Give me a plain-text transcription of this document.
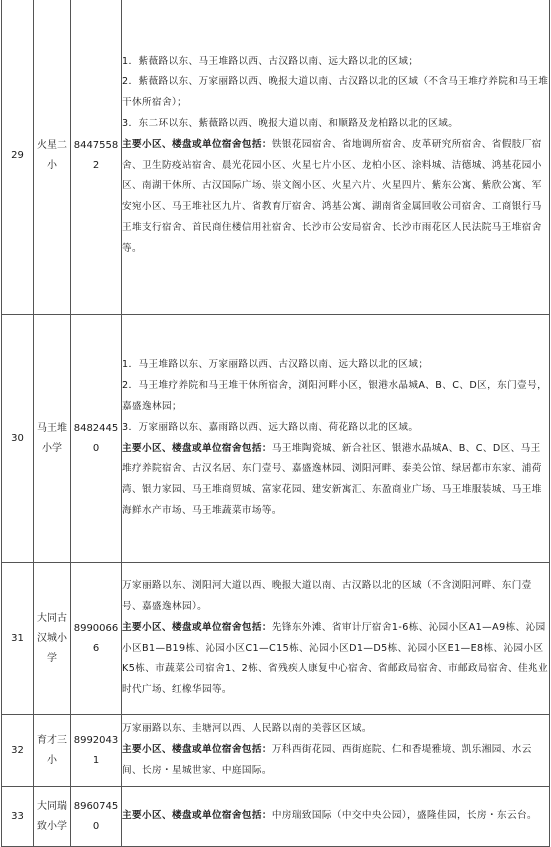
29	火星二小	84475582	1．紫薇路以东、马王堆路以西、古汉路以南、远大路以北的区域；

2．紫薇路以东、万家丽路以西、晚报大道以南、古汉路以北的区域（不含马王堆疗养院和马王堆干休所宿舍）；

3．东二环以东、紫薇路以西、晚报大道以南、和顺路及龙柏路以北的区域。

主要小区、楼盘或单位宿舍包括：铁银花园宿舍、省地调所宿舍、皮革研究所宿舍、省假肢厂宿舍、卫生防疫站宿舍、晨光花园小区、火星七片小区、龙柏小区、涂料城、洁德城、鸿基花园小区、南湖干休所、古汉国际广场、崇文阁小区、火星六片、火星四片、紫东公寓、紫欣公寓、军安宛小区、马王堆社区九片、省教育厅宿舍、鸿基公寓、湖南省金属回收公司宿舍、工商银行马王堆支行宿舍、首民商住楼信用社宿舍、长沙市公安局宿舍、长沙市雨花区人民法院马王堆宿舍等。

30	马王堆小学	84824450	1．马王堆路以东、万家丽路以西、古汉路以南、远大路以北的区域；

2．马王堆疗养院和马王堆干休所宿舍，浏阳河畔小区，银港水晶城A、B、C、D区，东门壹号，嘉盛逸林园；

3．万家丽路以东、嘉雨路以西、远大路以南、荷花路以北的区域。

主要小区、楼盘或单位宿舍包括：马王堆陶瓷城、新合社区、银港水晶城A、B、C、D区、马王堆疗养院宿舍、古汉名居、东门壹号、嘉盛逸林园、浏阳河畔、泰美公馆、绿居都市东家、浦荷湾、银力家园、马王堆商贸城、富家花园、建安新寓汇、东盈商业广场、马王堆服装城、马王堆海鲜水产市场、马王堆蔬菜市场等。

31	大同古汉城小学	89900666	万家丽路以东、浏阳河大道以西、晚报大道以南、古汉路以北的区域（不含浏阳河畔、东门壹号、嘉盛逸林园）。

主要小区、楼盘或单位宿舍包括：先锋东外滩、省审计厅宿舍1-6栋、沁园小区A1—A9栋、沁园小区B1—B19栋、沁园小区C1—C15栋、沁园小区D1—D5栋、沁园小区E1—E8栋、沁园小区K5栋、市蔬菜公司宿舍1、2栋、省残疾人康复中心宿舍、省邮政局宿舍、市邮政局宿舍、佳兆业时代广场、红橡华园等。

32	育才三小	89920431	万家丽路以东、圭塘河以西、人民路以南的美蓉区区域。

主要小区、楼盘或单位宿舍包括：万科西街花园、西街庭院、仁和香堤雅境、凯乐湘园、水云间、长房・星城世家、中庭国际。

33	大同瑞致小学	89607450	主要小区、楼盘或单位宿舍包括：中房瑞致国际（中交中央公园），盛隆佳园，长房・东云台。
